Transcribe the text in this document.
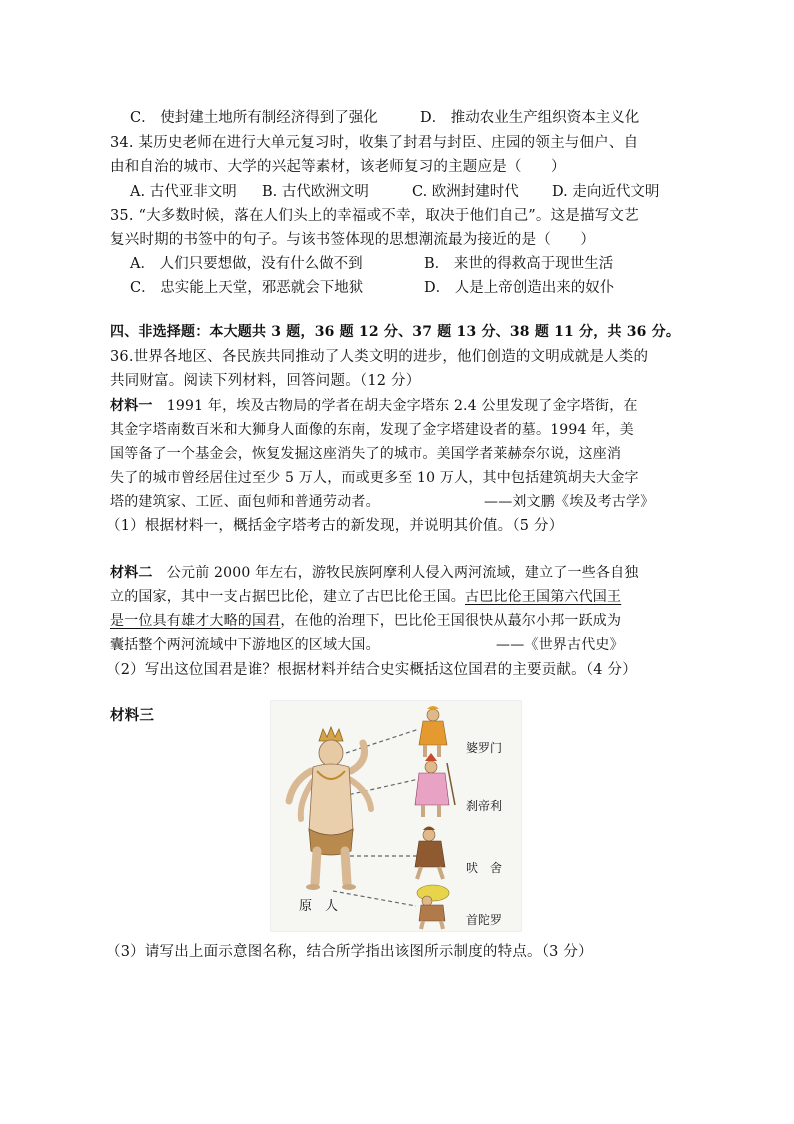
C． 使封建土地所有制经济得到了强化	D． 推动农业生产组织资本主义化
34. 某历史老师在进行大单元复习时，收集了封君与封臣、庄园的领主与佃户、自
由和自治的城市、大学的兴起等素材，该老师复习的主题应是（　　）
A. 古代亚非文明 B. 古代欧洲文明	C. 欧洲封建时代 D. 走向近代文明
35. “大多数时候，落在人们头上的幸福或不幸，取决于他们自己”。这是描写文艺
复兴时期的书签中的句子。与该书签体现的思想潮流最为接近的是（　　）
A． 人们只要想做，没有什么做不到	B． 来世的得救高于现世生活
C． 忠实能上天堂，邪恶就会下地狱	D． 人是上帝创造出来的奴仆
四、非选择题：本大题共 3 题，36 题 12 分、37 题 13 分、38 题 11 分，共 36 分。
36.世界各地区、各民族共同推动了人类文明的进步，他们创造的文明成就是人类的
共同财富。阅读下列材料，回答问题。（12 分）
材料一　1991 年，埃及古物局的学者在胡夫金字塔东 2.4 公里发现了金字塔街，在
其金字塔南数百米和大狮身人面像的东南，发现了金字塔建设者的墓。1994 年，美
国等备了一个基金会，恢复发掘这座消失了的城市。美国学者莱赫奈尔说，这座消
失了的城市曾经居住过至少 5 万人，而或更多至 10 万人，其中包括建筑胡夫大金字
塔的建筑家、工匠、面包师和普通劳动者。	——刘文鹏《埃及考古学》
（1）根据材料一，概括金字塔考古的新发现，并说明其价值。（5 分）
材料二　公元前 2000 年左右，游牧民族阿摩利人侵入两河流域，建立了一些各自独
立的国家，其中一支占据巴比伦，建立了古巴比伦王国。古巴比伦王国第六代国王
是一位具有雄才大略的国君，在他的治理下，巴比伦王国很快从蕞尔小邦一跃成为
囊括整个两河流域中下游地区的区域大国。	——《世界古代史》
（2）写出这位国君是谁？根据材料并结合史实概括这位国君的主要贡献。（4 分）
材料三
原　人
婆罗门
刹帝利
吠　舍
首陀罗
（3）请写出上面示意图名称，结合所学指出该图所示制度的特点。（3 分）
